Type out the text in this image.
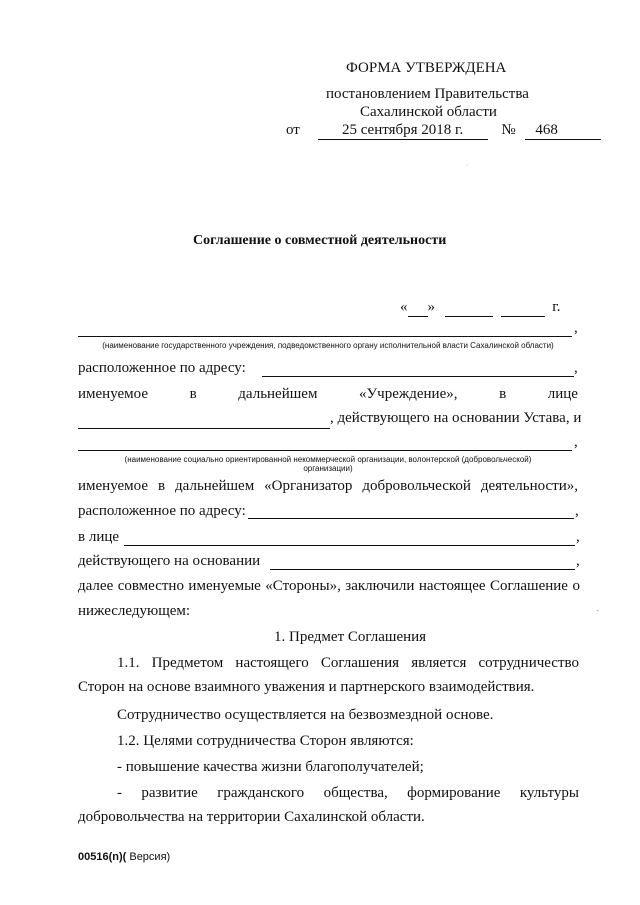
ФОРМА УТВЕРЖДЕНА
постановлением Правительства
Сахалинской области
от	25 сентября 2018 г.	№ 468
Соглашение о совместной деятельности
« »	г.
,
(наименование государственного учреждения, подведомственного органу исполнительной власти Сахалинской области)
расположенное по адресу:	,
именуемое	в	дальнейшем	«Учреждение»,	в	лице
, действующего на основании Устава, и
,
(наименование социально ориентированной некоммерческой организации, волонтерской (добровольческой)
организации)
именуемое в дальнейшем «Организатор добровольческой деятельности»,
расположенное по адресу:	,
в лице	,
действующего на основании	,
далее совместно именуемые «Стороны», заключили настоящее Соглашение о
нижеследующем:
1. Предмет Соглашения
1.1. Предметом настоящего Соглашения является сотрудничество
Сторон на основе взаимного уважения и партнерского взаимодействия.
Сотрудничество осуществляется на безвозмездной основе.
1.2. Целями сотрудничества Сторон являются:
- повышение качества жизни благополучателей;
- развитие гражданского общества, формирование культуры
добровольчества на территории Сахалинской области.
00516(n)( Версия)
ˎ
·
